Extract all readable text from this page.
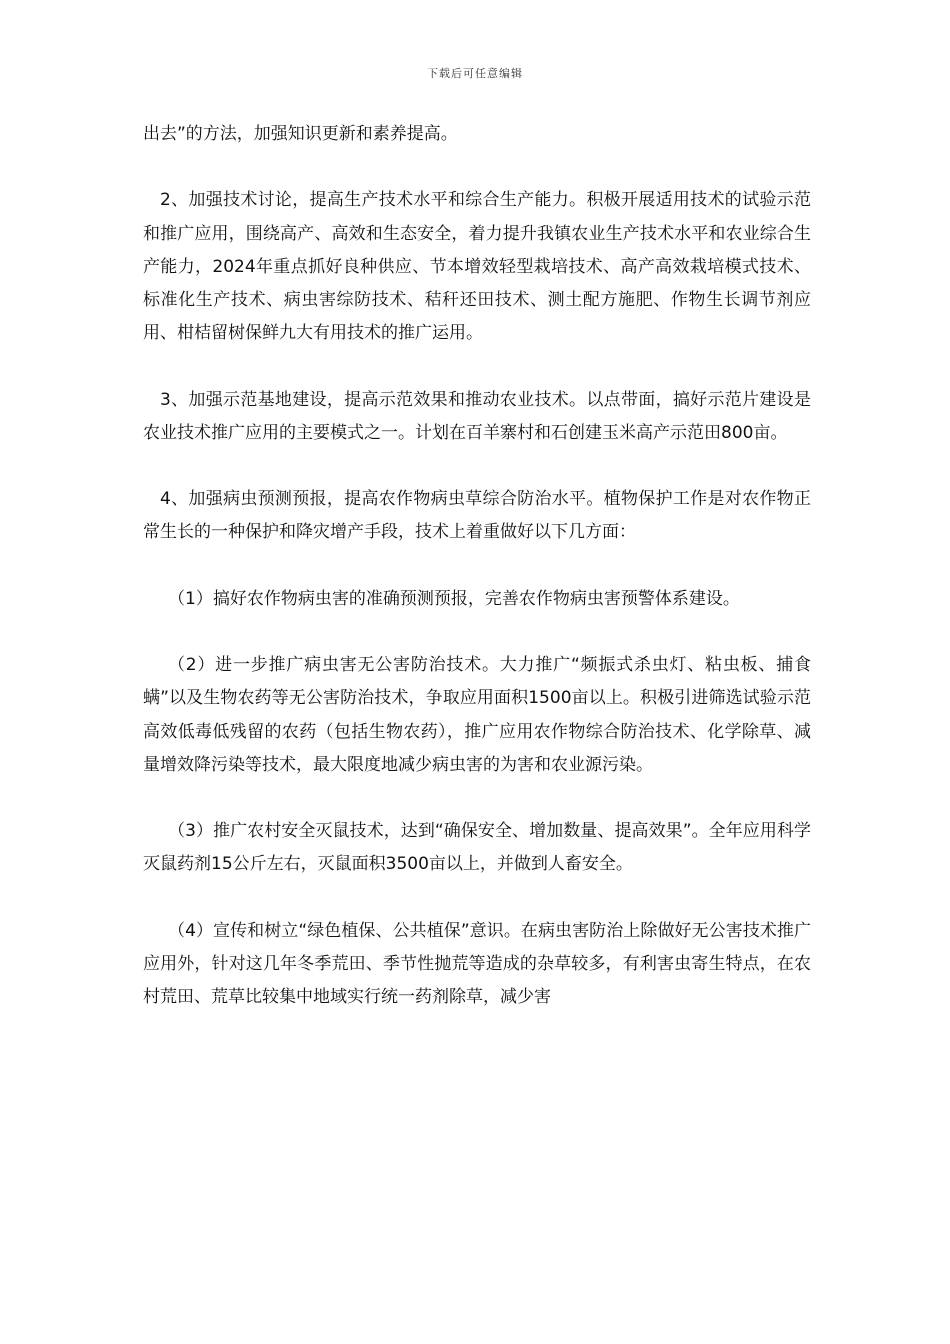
下载后可任意编辑

出去”的方法，加强知识更新和素养提高。

2、加强技术讨论，提高生产技术水平和综合生产能力。积极开展适用技术的试验示范和推广应用，围绕高产、高效和生态安全，着力提升我镇农业生产技术水平和农业综合生产能力，2024年重点抓好良种供应、节本增效轻型栽培技术、高产高效栽培模式技术、标准化生产技术、病虫害综防技术、秸秆还田技术、测土配方施肥、作物生长调节剂应用、柑桔留树保鲜九大有用技术的推广运用。

3、加强示范基地建设，提高示范效果和推动农业技术。以点带面，搞好示范片建设是农业技术推广应用的主要模式之一。计划在百羊寨村和石创建玉米高产示范田800亩。

4、加强病虫预测预报，提高农作物病虫草综合防治水平。植物保护工作是对农作物正常生长的一种保护和降灾增产手段，技术上着重做好以下几方面：

（1）搞好农作物病虫害的准确预测预报，完善农作物病虫害预警体系建设。

（2）进一步推广病虫害无公害防治技术。大力推广“频振式杀虫灯、粘虫板、捕食螨”以及生物农药等无公害防治技术，争取应用面积1500亩以上。积极引进筛选试验示范高效低毒低残留的农药（包括生物农药），推广应用农作物综合防治技术、化学除草、减量增效降污染等技术，最大限度地减少病虫害的为害和农业源污染。

（3）推广农村安全灭鼠技术，达到“确保安全、增加数量、提高效果”。全年应用科学灭鼠药剂15公斤左右，灭鼠面积3500亩以上，并做到人畜安全。

（4）宣传和树立“绿色植保、公共植保”意识。在病虫害防治上除做好无公害技术推广应用外，针对这几年冬季荒田、季节性抛荒等造成的杂草较多，有利害虫寄生特点，在农村荒田、荒草比较集中地域实行统一药剂除草，减少害
